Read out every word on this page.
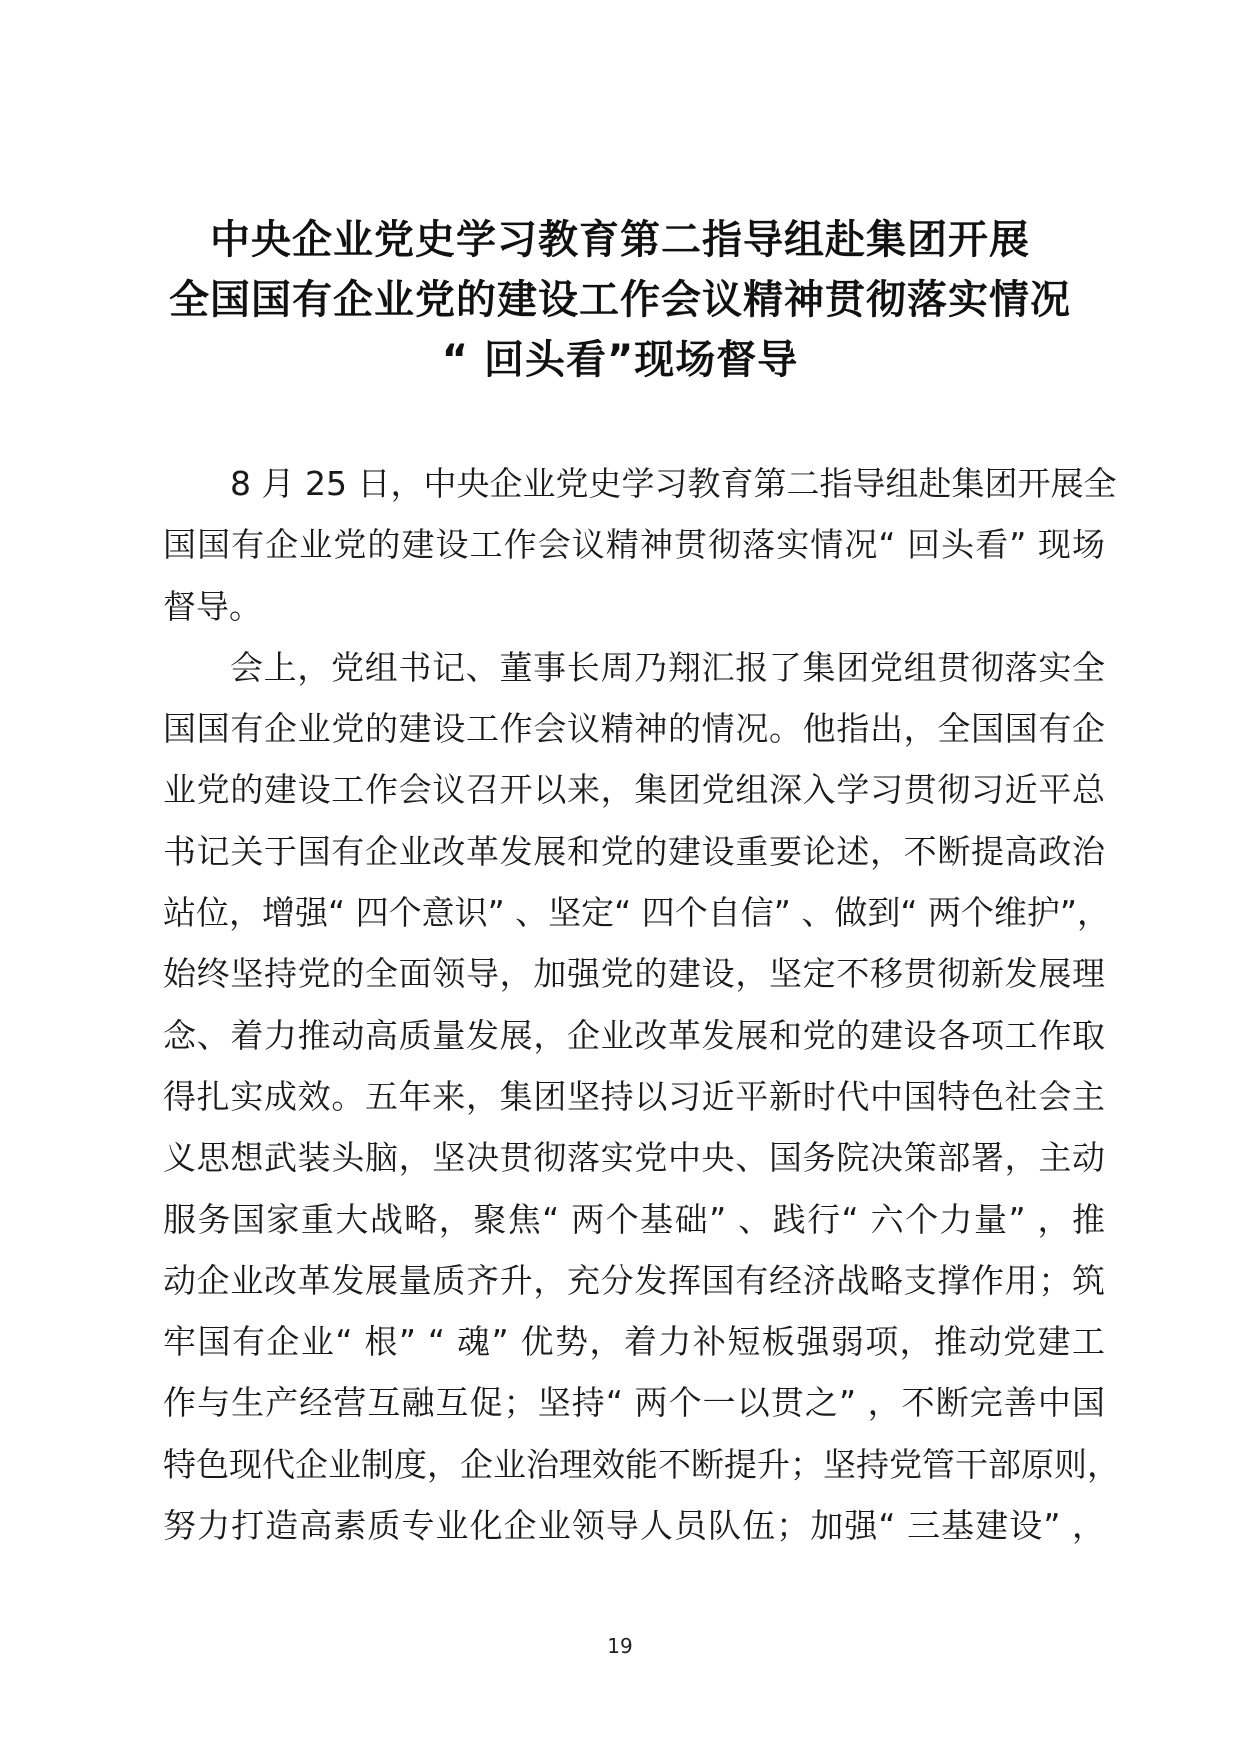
中央企业党史学习教育第二指导组赴集团开展
全国国有企业党的建设工作会议精神贯彻落实情况
“ 回头看”现场督导
8 月 25 日，中央企业党史学习教育第二指导组赴集团开展全
国国有企业党的建设工作会议精神贯彻落实情况“ 回头看” 现场
督导。
会上，党组书记、董事长周乃翔汇报了集团党组贯彻落实全
国国有企业党的建设工作会议精神的情况。他指出，全国国有企
业党的建设工作会议召开以来，集团党组深入学习贯彻习近平总
书记关于国有企业改革发展和党的建设重要论述，不断提高政治
站位，增强“ 四个意识” 、坚定“ 四个自信” 、做到“ 两个维护”，
始终坚持党的全面领导，加强党的建设，坚定不移贯彻新发展理
念、着力推动高质量发展，企业改革发展和党的建设各项工作取
得扎实成效。五年来，集团坚持以习近平新时代中国特色社会主
义思想武装头脑，坚决贯彻落实党中央、国务院决策部署，主动
服务国家重大战略，聚焦“ 两个基础” 、践行“ 六个力量” ，推
动企业改革发展量质齐升，充分发挥国有经济战略支撑作用；筑
牢国有企业“ 根” “ 魂” 优势，着力补短板强弱项，推动党建工
作与生产经营互融互促；坚持“ 两个一以贯之” ，不断完善中国
特色现代企业制度，企业治理效能不断提升；坚持党管干部原则，
努力打造高素质专业化企业领导人员队伍；加强“ 三基建设” ，
19
